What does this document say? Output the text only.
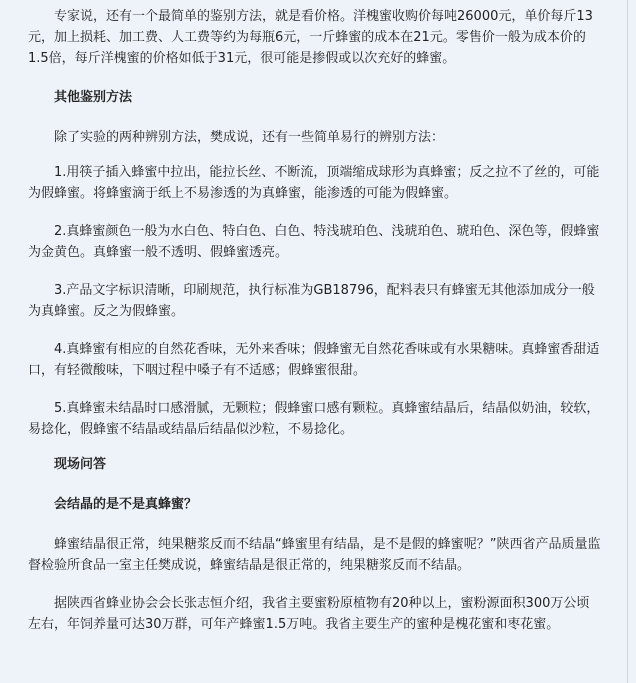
专家说，还有一个最简单的鉴别方法，就是看价格。洋槐蜜收购价每吨26000元，单价每斤13元，加上损耗、加工费、人工费等约为每瓶6元，一斤蜂蜜的成本在21元。零售价一般为成本价的1.5倍，每斤洋槐蜜的价格如低于31元，很可能是掺假或以次充好的蜂蜜。

其他鉴别方法

除了实验的两种辨别方法，樊成说，还有一些简单易行的辨别方法：

1.用筷子插入蜂蜜中拉出，能拉长丝、不断流，顶端缩成球形为真蜂蜜；反之拉不了丝的，可能为假蜂蜜。将蜂蜜滴于纸上不易渗透的为真蜂蜜，能渗透的可能为假蜂蜜。

2.真蜂蜜颜色一般为水白色、特白色、白色、特浅琥珀色、浅琥珀色、琥珀色、深色等，假蜂蜜为金黄色。真蜂蜜一般不透明、假蜂蜜透亮。

3.产品文字标识清晰，印刷规范，执行标准为GB18796，配料表只有蜂蜜无其他添加成分一般为真蜂蜜。反之为假蜂蜜。

4.真蜂蜜有相应的自然花香味，无外来香味；假蜂蜜无自然花香味或有水果糖味。真蜂蜜香甜适口，有轻微酸味，下咽过程中嗓子有不适感；假蜂蜜很甜。

5.真蜂蜜未结晶时口感滑腻，无颗粒；假蜂蜜口感有颗粒。真蜂蜜结晶后，结晶似奶油，较软，易捻化，假蜂蜜不结晶或结晶后结晶似沙粒，不易捻化。

现场问答

会结晶的是不是真蜂蜜？

蜂蜜结晶很正常，纯果糖浆反而不结晶“蜂蜜里有结晶，是不是假的蜂蜜呢？”陕西省产品质量监督检验所食品一室主任樊成说，蜂蜜结晶是很正常的，纯果糖浆反而不结晶。

据陕西省蜂业协会会长张志恒介绍，我省主要蜜粉原植物有20种以上，蜜粉源面积300万公顷左右，年饲养量可达30万群，可年产蜂蜜1.5万吨。我省主要生产的蜜种是槐花蜜和枣花蜜。
